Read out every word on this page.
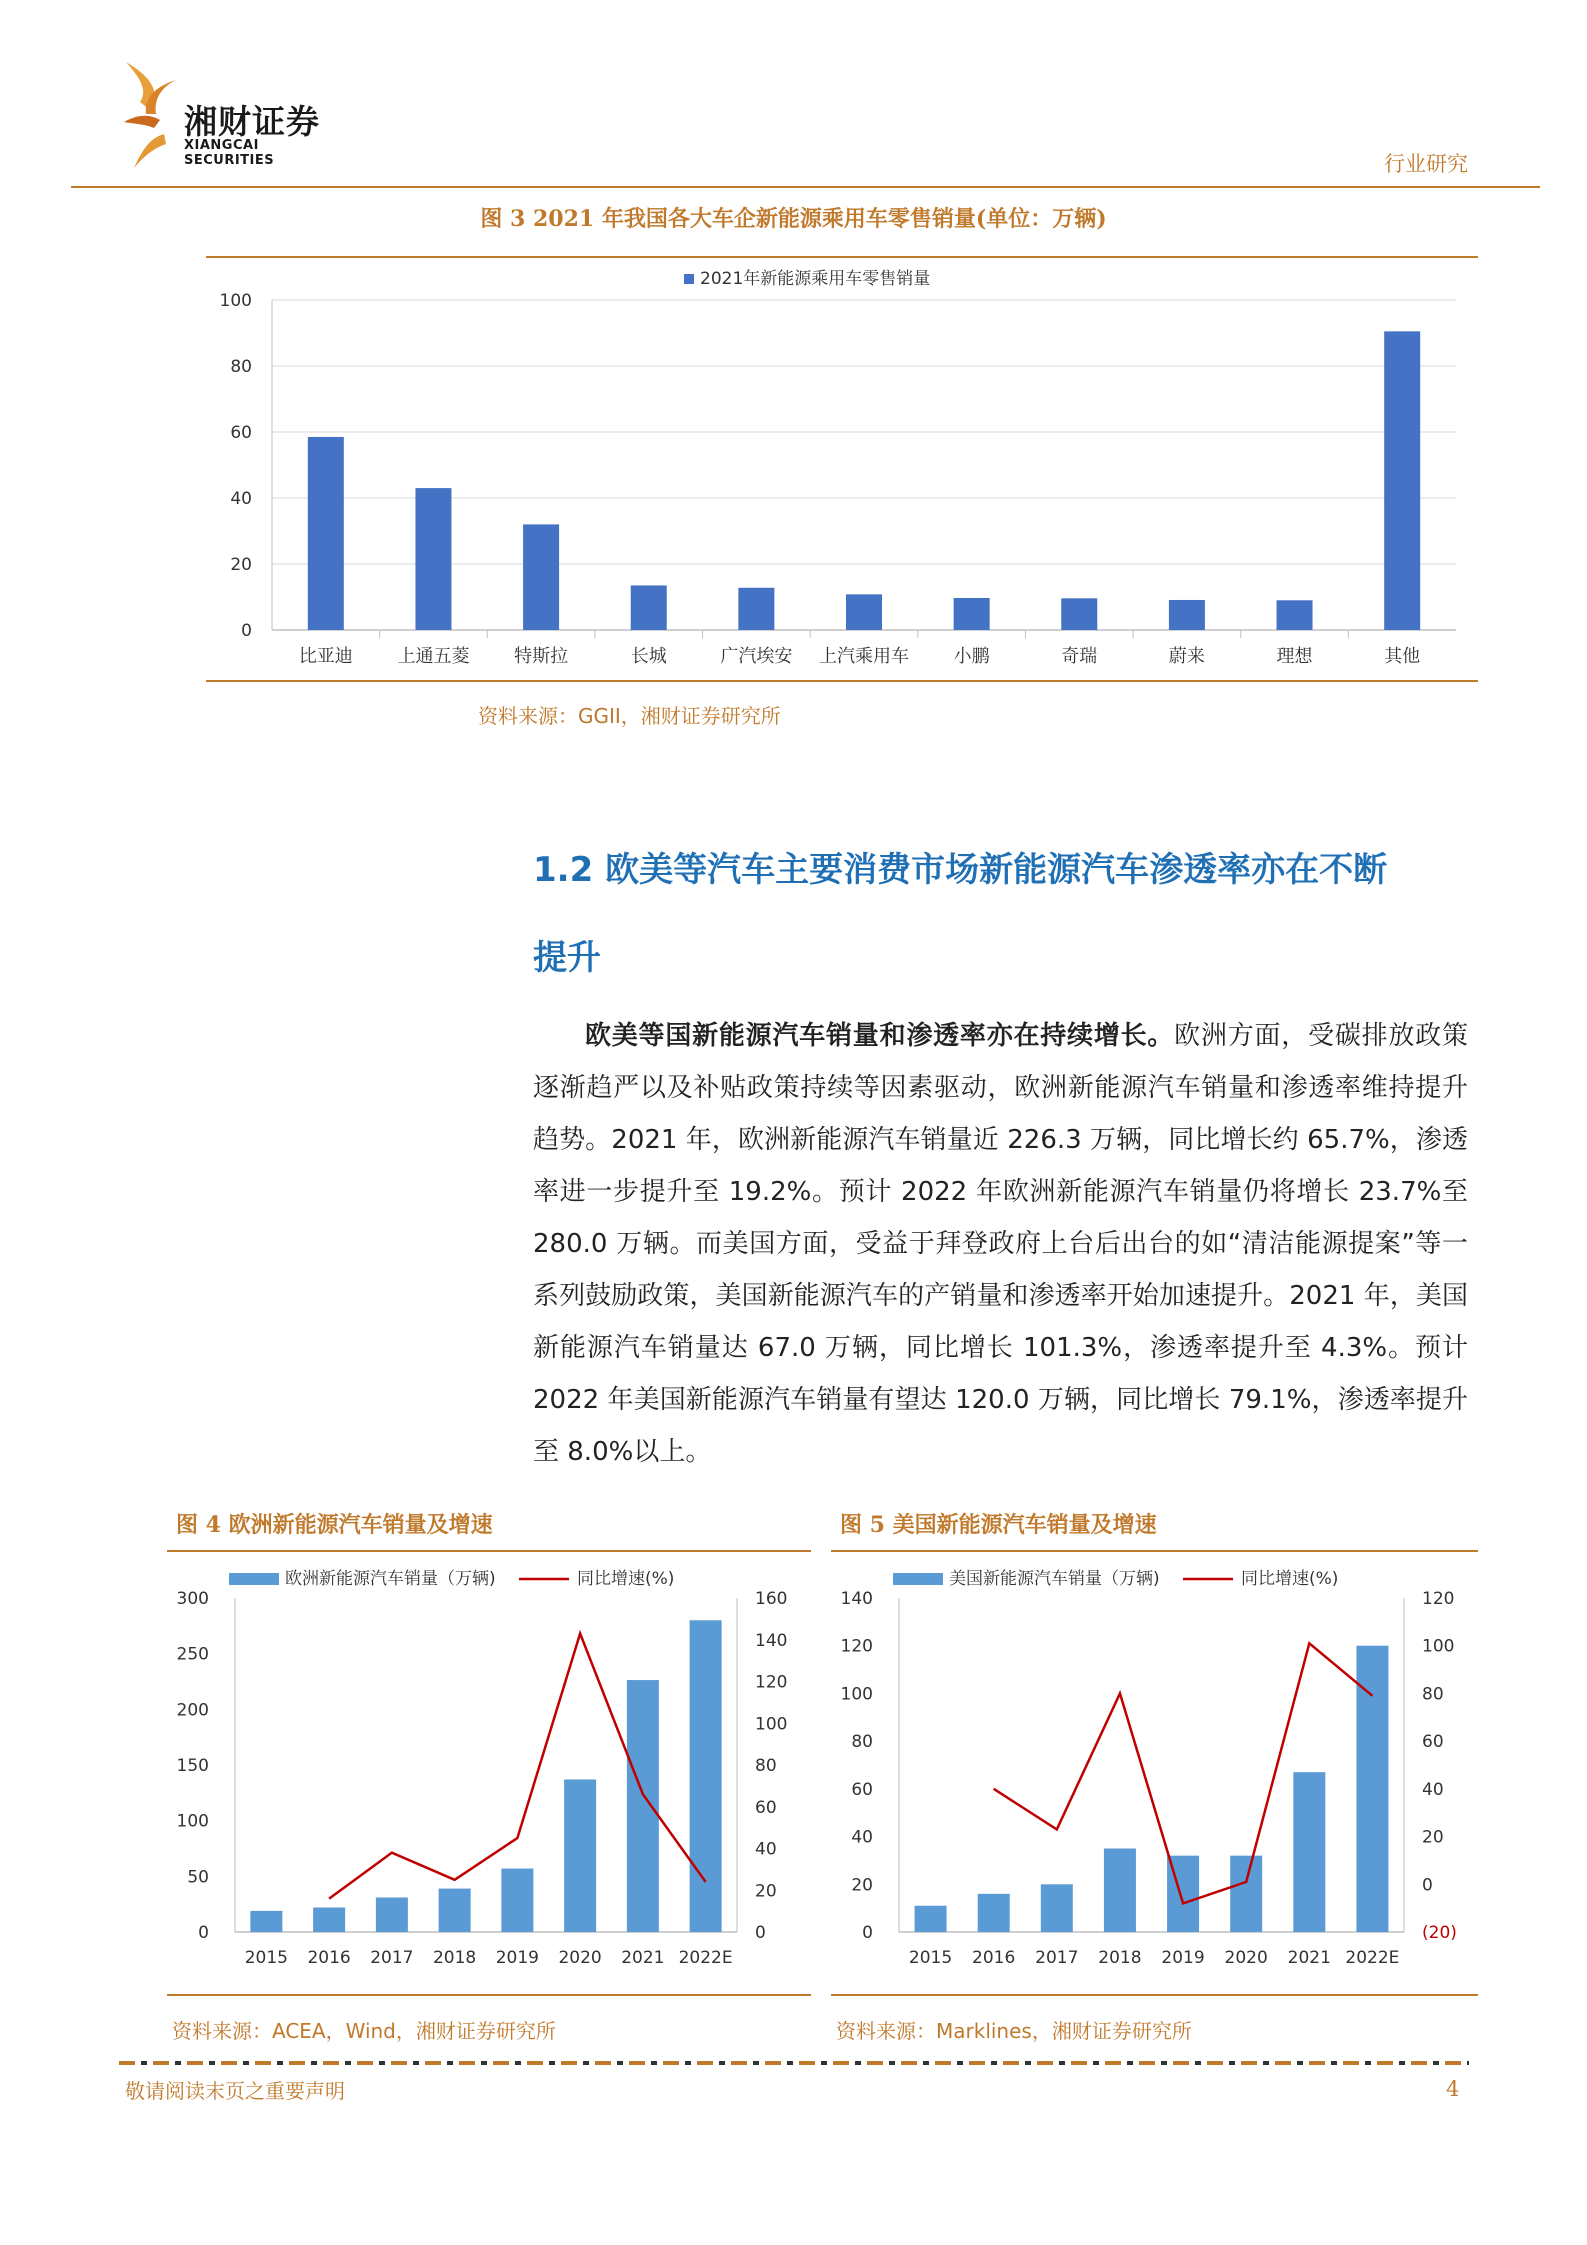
湘财证券
XIANGCAI SECURITIES	行业研究
图 3 2021 年我国各大车企新能源乘用车零售销量(单位：万辆)
2021年新能源乘用车零售销量
0
20
40
60
80
100
比亚迪 上通五菱 特斯拉	长城	广汽埃安 上汽乘用车 小鹏	奇瑞	蔚来	理想	其他
资料来源：GGII，湘财证券研究所
1.2 欧美等汽车主要消费市场新能源汽车渗透率亦在不断
提升
欧美等国新能源汽车销量和渗透率亦在持续增长。欧洲方面，受碳排放政策逐渐趋严以及补贴政策持续等因素驱动，欧洲新能源汽车销量和渗透率维持提升趋势。2021 年，欧洲新能源汽车销量近 226.3 万辆，同比增长约 65.7%，渗透率进一步提升至 19.2%。预计 2022 年欧洲新能源汽车销量仍将增长 23.7%至 280.0 万辆。而美国方面，受益于拜登政府上台后出台的如“清洁能源提案”等一系列鼓励政策，美国新能源汽车的产销量和渗透率开始加速提升。2021 年，美国新能源汽车销量达 67.0 万辆，同比增长 101.3%，渗透率提升至 4.3%。预计 2022 年美国新能源汽车销量有望达 120.0 万辆，同比增长 79.1%，渗透率提升至 8.0%以上。
图 4 欧洲新能源汽车销量及增速
欧洲新能源汽车销量（万辆)	同比增速(%)
0
50
100
150
200
250
300
0
20
40
60
80
100
120
140
160
2015 2016 2017 2018 2019 2020 2021 2022E
资料来源：ACEA，Wind，湘财证券研究所
图 5 美国新能源汽车销量及增速
美国新能源汽车销量（万辆)	同比增速(%)
0
20
40
60
80
100
120
140
(20)
0
20
40
60
80
100
120
2015 2016 2017 2018 2019 2020 2021 2022E
资料来源：Marklines，湘财证券研究所
敬请阅读末页之重要声明	4
